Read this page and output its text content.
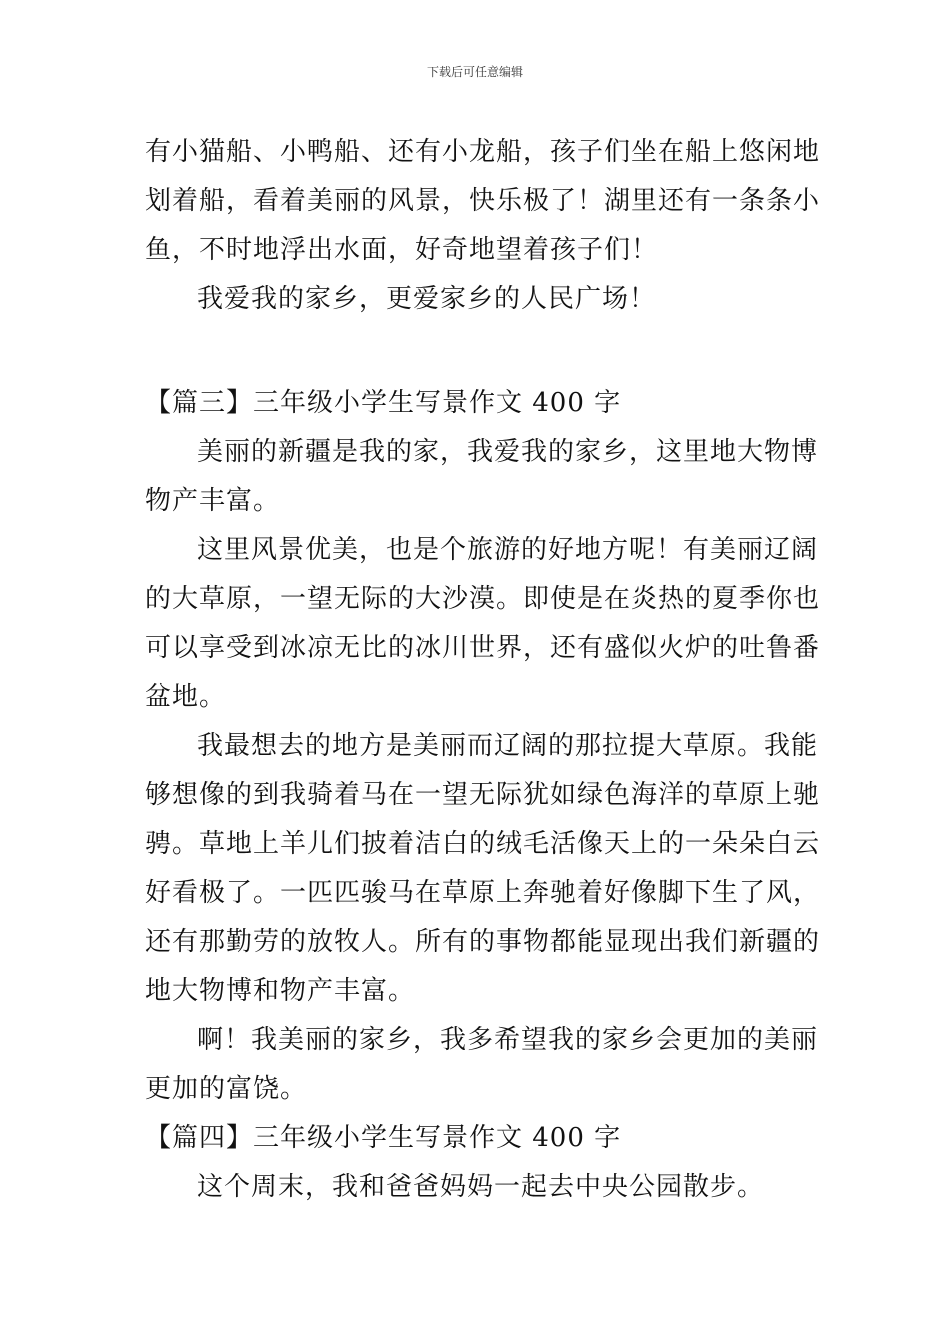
下载后可任意编辑
有小猫船、小鸭船、还有小龙船，孩子们坐在船上悠闲地
划着船，看着美丽的风景，快乐极了！湖里还有一条条小
鱼，不时地浮出水面，好奇地望着孩子们！
我爱我的家乡，更爱家乡的人民广场！
【篇三】三年级小学生写景作文 400 字
美丽的新疆是我的家，我爱我的家乡，这里地大物博
物产丰富。
这里风景优美，也是个旅游的好地方呢！有美丽辽阔
的大草原，一望无际的大沙漠。即使是在炎热的夏季你也
可以享受到冰凉无比的冰川世界，还有盛似火炉的吐鲁番
盆地。
我最想去的地方是美丽而辽阔的那拉提大草原。我能
够想像的到我骑着马在一望无际犹如绿色海洋的草原上驰
骋。草地上羊儿们披着洁白的绒毛活像天上的一朵朵白云
好看极了。一匹匹骏马在草原上奔驰着好像脚下生了风，
还有那勤劳的放牧人。所有的事物都能显现出我们新疆的
地大物博和物产丰富。
啊！我美丽的家乡，我多希望我的家乡会更加的美丽
更加的富饶。
【篇四】三年级小学生写景作文 400 字
这个周末，我和爸爸妈妈一起去中央公园散步。
